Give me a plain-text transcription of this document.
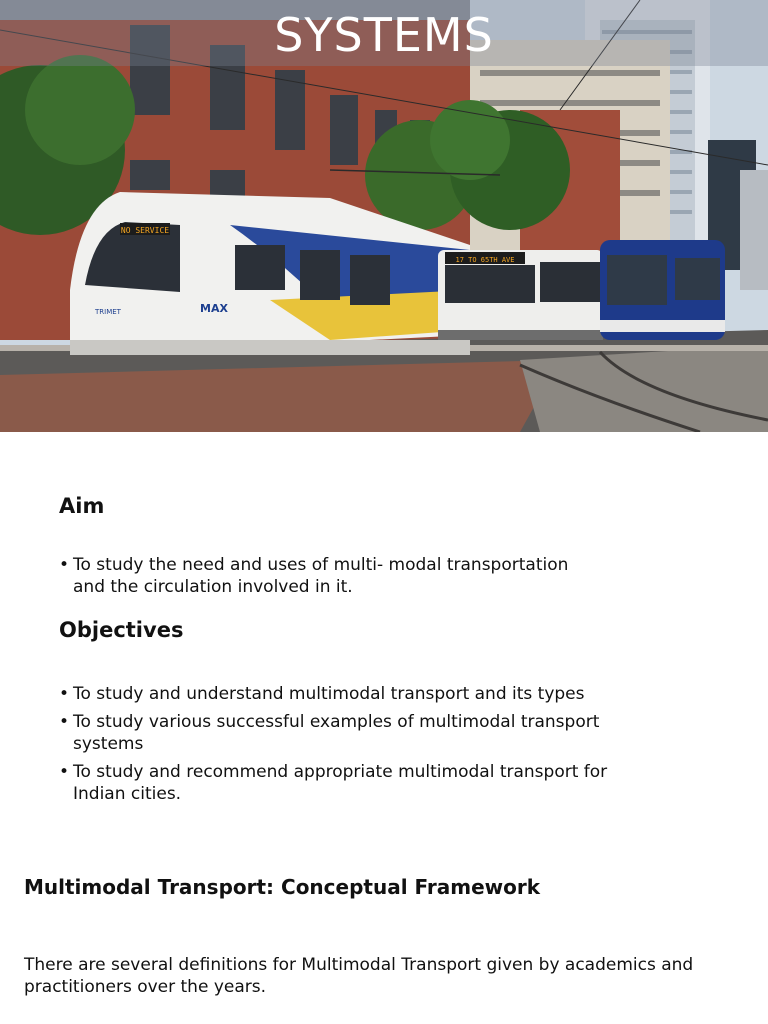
NO SERVICE
MAX
TRIMET
17 TO 65TH AVE
SYSTEMS
Aim
• To study the need and uses of multi- modal transportation and the circulation involved in it.
Objectives
• To study and understand multimodal transport and its types
• To study various successful examples of multimodal transport systems
• To study and recommend appropriate multimodal transport for Indian cities.
Multimodal Transport: Conceptual Framework
There are several definitions for Multimodal Transport given by academics and practitioners over the years.
